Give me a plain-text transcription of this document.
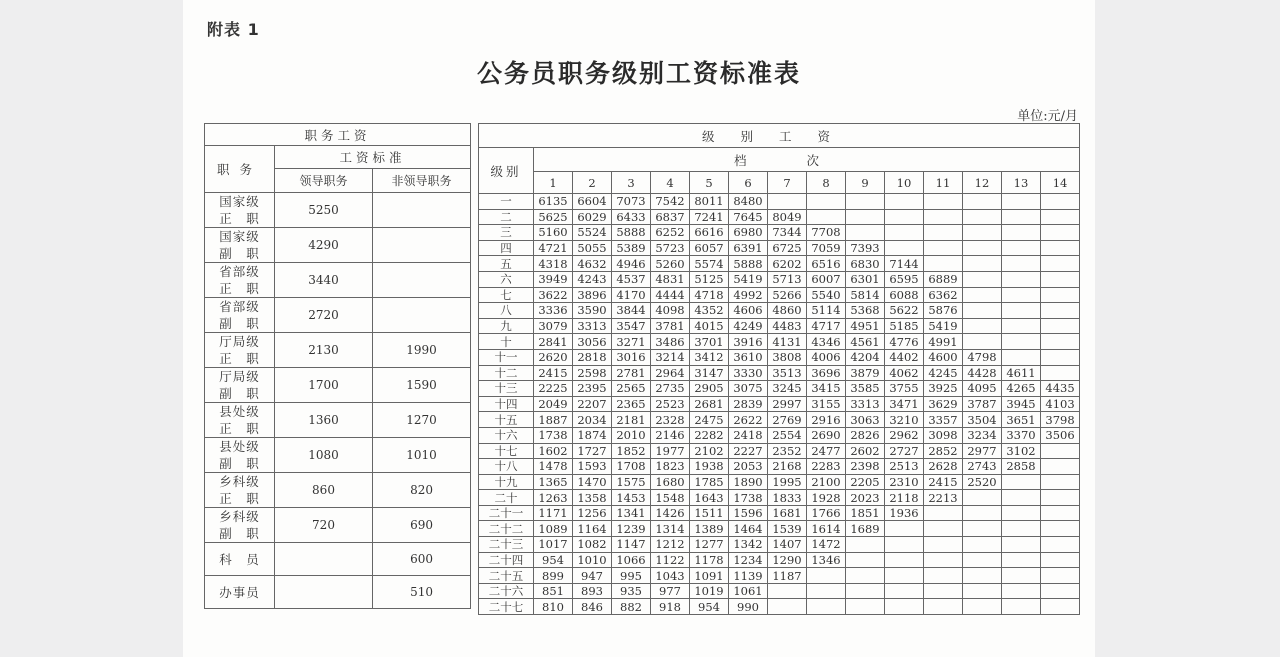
附表 1
公务员职务级别工资标准表
单位:元/月
职务工资		
职务	工资标准	
	领导职务	非领导职务

国家级
正　职	5250	

国家级
副　职	4290	

省部级
正　职	3440	

省部级
副　职	2720	

厅局级
正　职	2130	1990

厅局级
副　职	1700	1590

县处级
正　职	1360	1270

县处级
副　职	1080	1010

乡科级
正　职	860	820

乡科级
副　职	720	690

科　员		600

办事员		510
级别工资														
级别	档次													
	1	2	3	4	5	6	7	8	9	10	11	12	13	14
一	6135	6604	7073	7542	8011	8480								
二	5625	6029	6433	6837	7241	7645	8049							
三	5160	5524	5888	6252	6616	6980	7344	7708						
四	4721	5055	5389	5723	6057	6391	6725	7059	7393					
五	4318	4632	4946	5260	5574	5888	6202	6516	6830	7144				
六	3949	4243	4537	4831	5125	5419	5713	6007	6301	6595	6889			
七	3622	3896	4170	4444	4718	4992	5266	5540	5814	6088	6362			
八	3336	3590	3844	4098	4352	4606	4860	5114	5368	5622	5876			
九	3079	3313	3547	3781	4015	4249	4483	4717	4951	5185	5419			
十	2841	3056	3271	3486	3701	3916	4131	4346	4561	4776	4991			
十一	2620	2818	3016	3214	3412	3610	3808	4006	4204	4402	4600	4798		
十二	2415	2598	2781	2964	3147	3330	3513	3696	3879	4062	4245	4428	4611	
十三	2225	2395	2565	2735	2905	3075	3245	3415	3585	3755	3925	4095	4265	4435
十四	2049	2207	2365	2523	2681	2839	2997	3155	3313	3471	3629	3787	3945	4103
十五	1887	2034	2181	2328	2475	2622	2769	2916	3063	3210	3357	3504	3651	3798
十六	1738	1874	2010	2146	2282	2418	2554	2690	2826	2962	3098	3234	3370	3506
十七	1602	1727	1852	1977	2102	2227	2352	2477	2602	2727	2852	2977	3102	
十八	1478	1593	1708	1823	1938	2053	2168	2283	2398	2513	2628	2743	2858	
十九	1365	1470	1575	1680	1785	1890	1995	2100	2205	2310	2415	2520		
二十	1263	1358	1453	1548	1643	1738	1833	1928	2023	2118	2213			
二十一	1171	1256	1341	1426	1511	1596	1681	1766	1851	1936				
二十二	1089	1164	1239	1314	1389	1464	1539	1614	1689					
二十三	1017	1082	1147	1212	1277	1342	1407	1472						
二十四	954	1010	1066	1122	1178	1234	1290	1346						
二十五	899	947	995	1043	1091	1139	1187							
二十六	851	893	935	977	1019	1061								
二十七	810	846	882	918	954	990								
